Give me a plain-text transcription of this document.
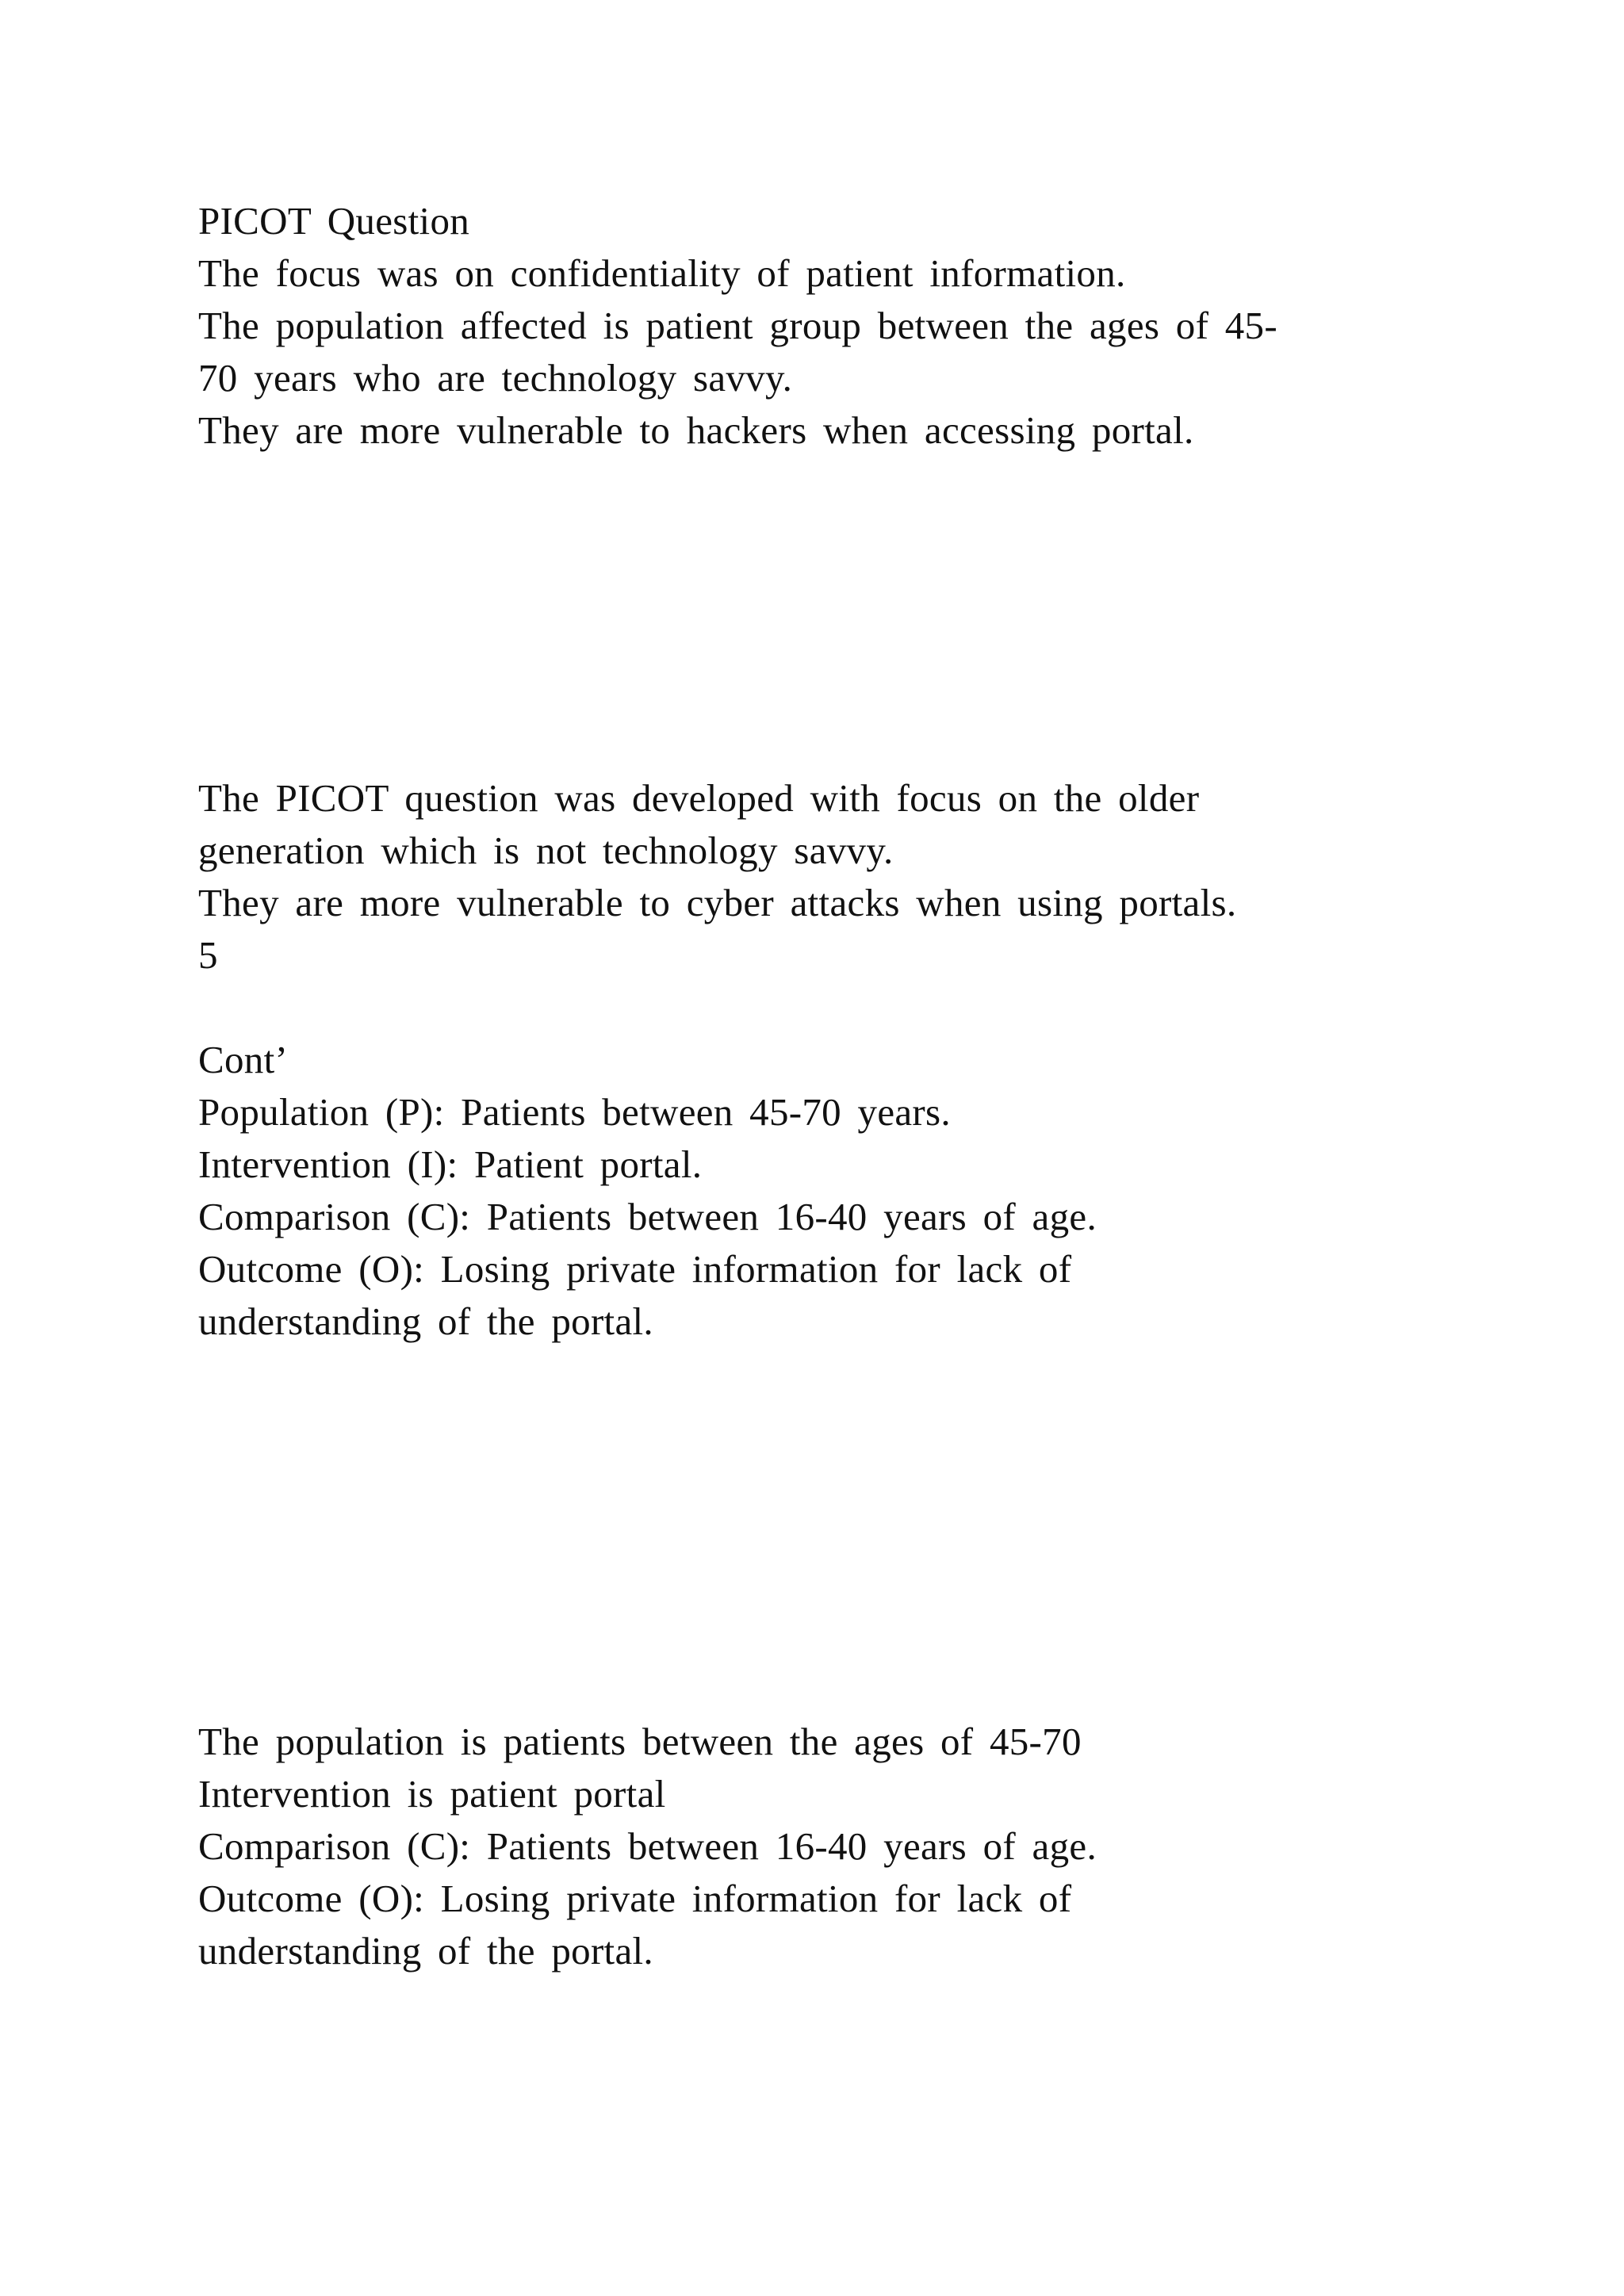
PICOT Question

The focus was on confidentiality of patient information.

The population affected is patient group between the ages of 45-

70 years who are technology savvy.

They are more vulnerable to hackers when accessing portal.

The PICOT question was developed with focus on the older

generation which is not technology savvy.

They are more vulnerable to cyber attacks when using portals.

5

Cont’

Population (P): Patients between 45-70 years.

Intervention (I): Patient portal.

Comparison (C): Patients between 16-40 years of age.

Outcome (O): Losing private information for lack of

understanding of the portal.

The population is patients between the ages of 45-70

Intervention is patient portal

Comparison (C): Patients between 16-40 years of age.

Outcome (O): Losing private information for lack of

understanding of the portal.
